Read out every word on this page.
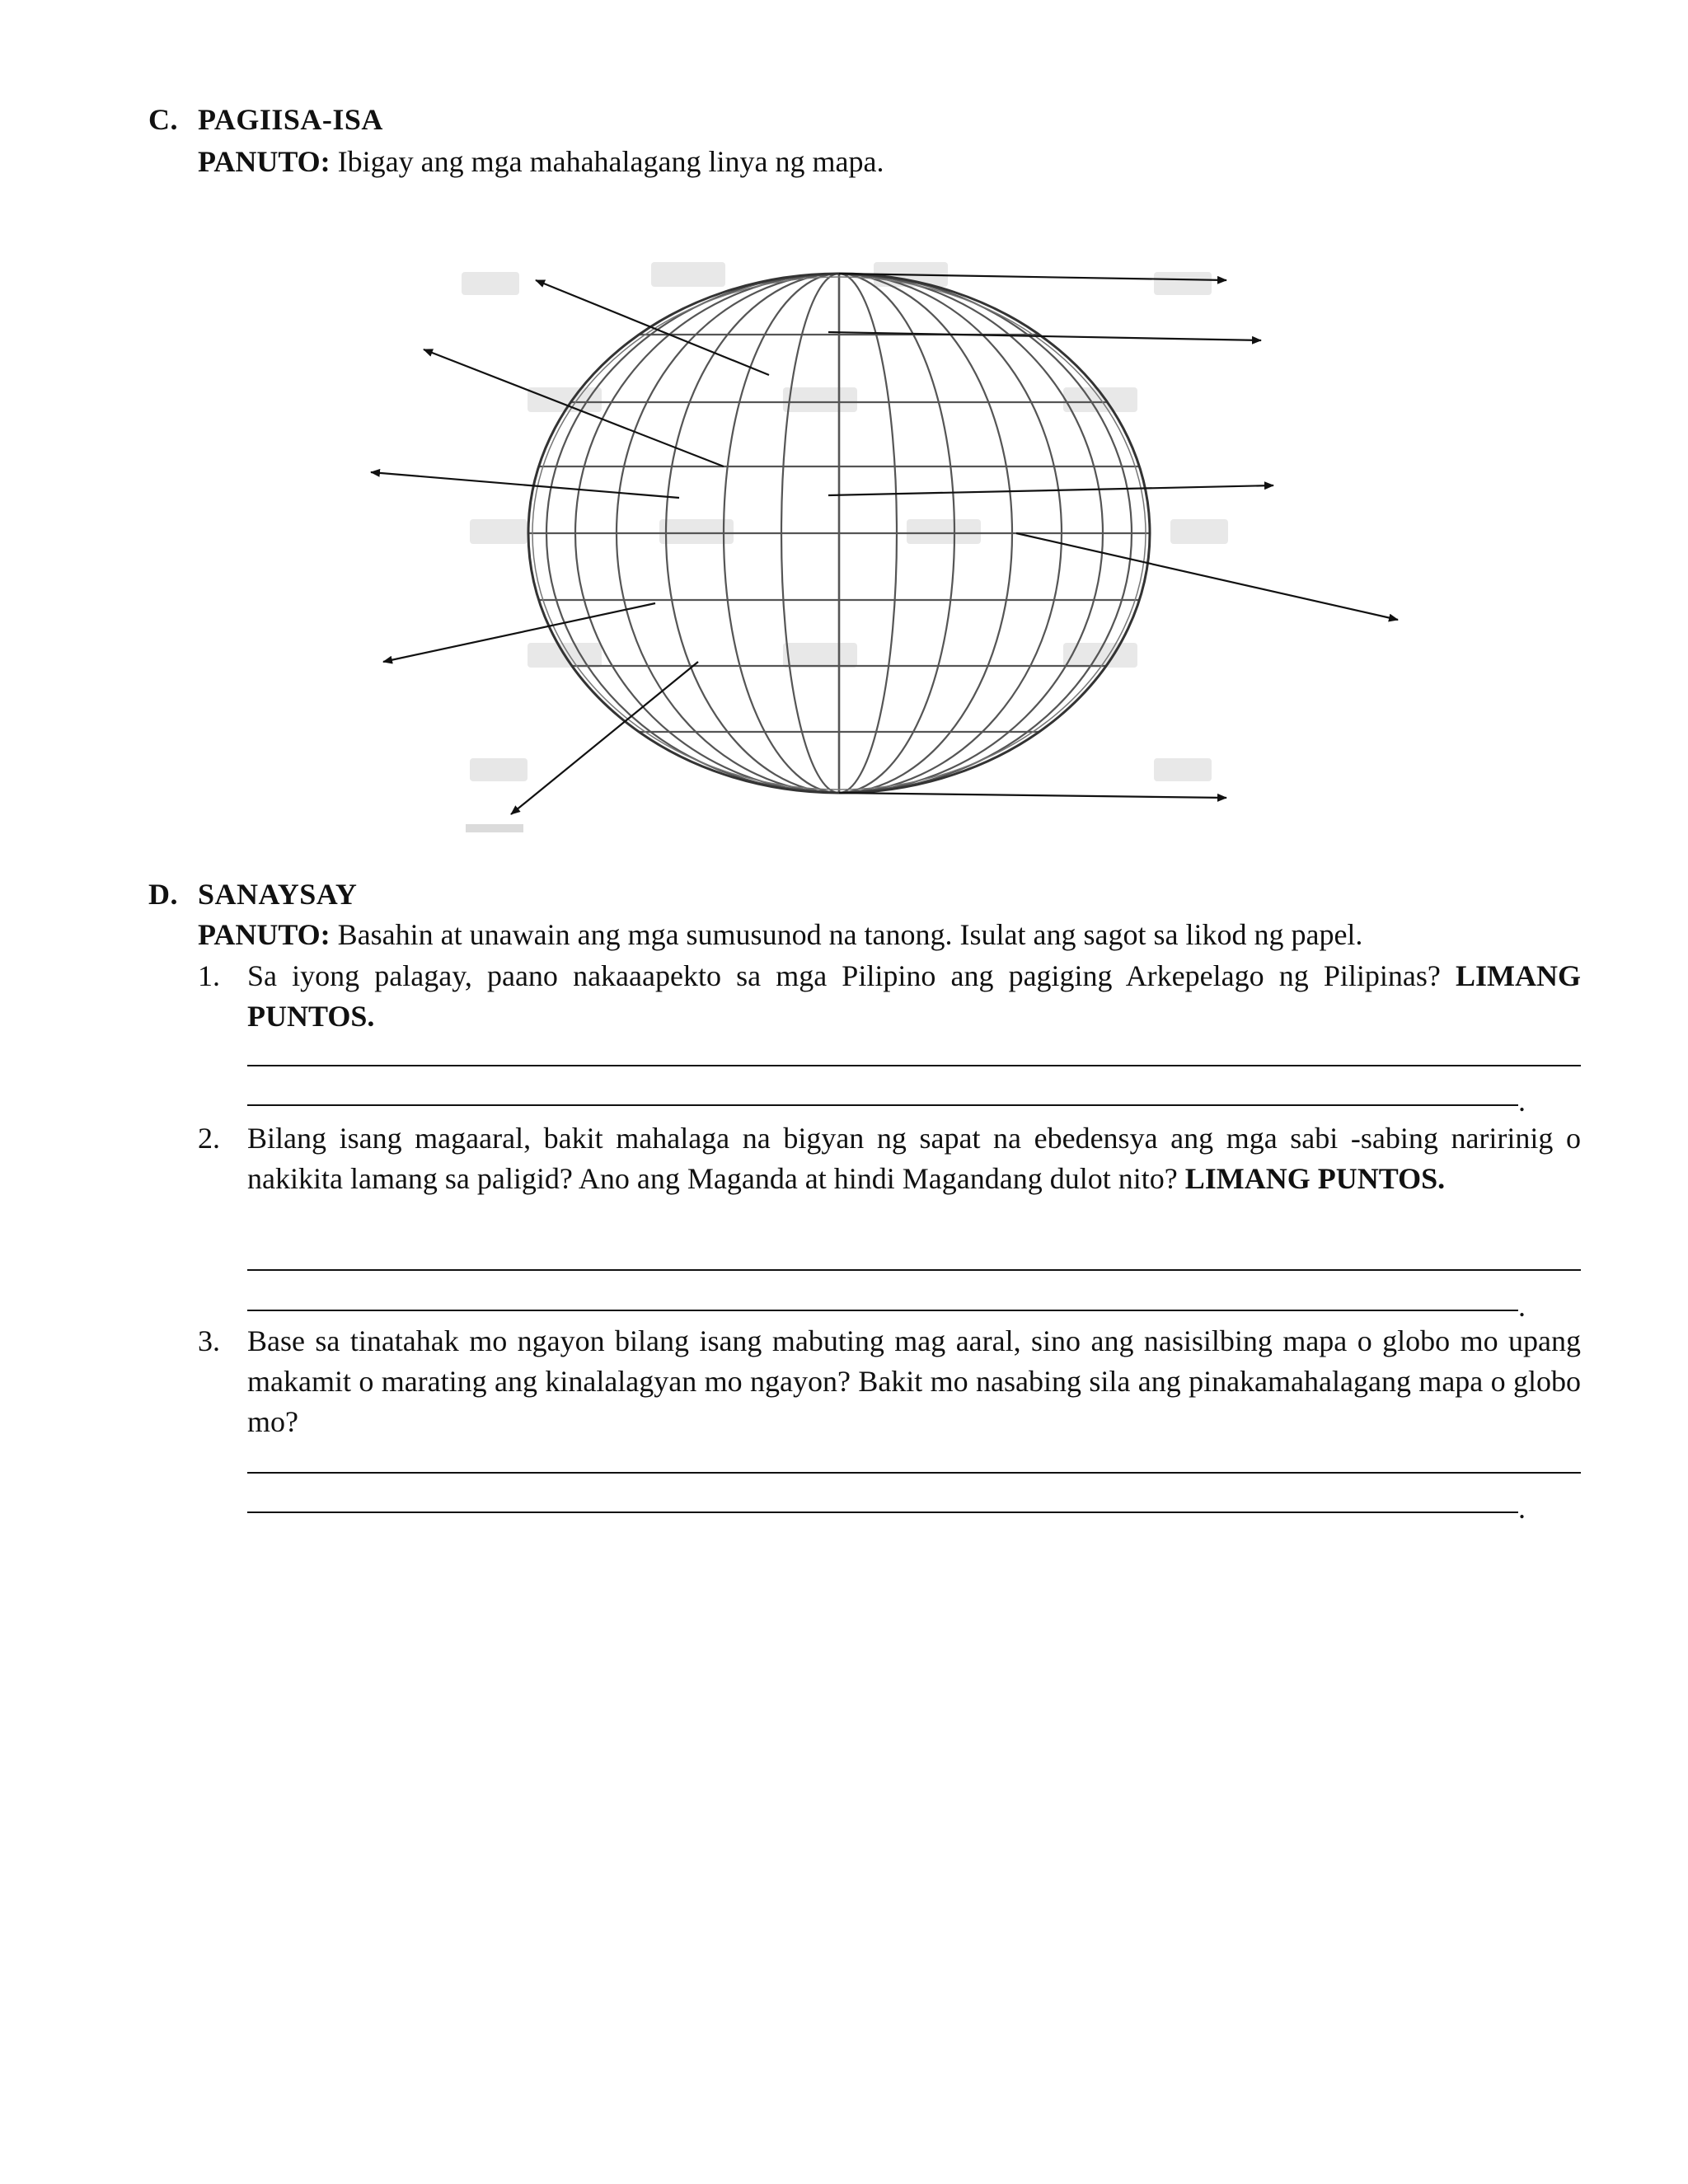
C. PAGIISA-ISA
PANUTO: Ibigay ang mga mahahalagang linya ng mapa.
D. SANAYSAY
PANUTO: Basahin at unawain ang mga sumusunod na tanong. Isulat ang sagot sa likod ng papel.
1. Sa iyong palagay, paano nakaaapekto sa mga Pilipino ang pagiging Arkepelago ng Pilipinas? LIMANG PUNTOS.
.
2. Bilang isang magaaral, bakit mahalaga na bigyan ng sapat na ebedensya ang mga sabi -sabing naririnig o nakikita lamang sa paligid? Ano ang Maganda at hindi Magandang dulot nito? LIMANG PUNTOS.
.
3. Base sa tinatahak mo ngayon bilang isang mabuting mag aaral, sino ang nasisilbing mapa o globo mo upang makamit o marating ang kinalalagyan mo ngayon? Bakit mo nasabing sila ang pinakamahalagang mapa o globo mo?
.
